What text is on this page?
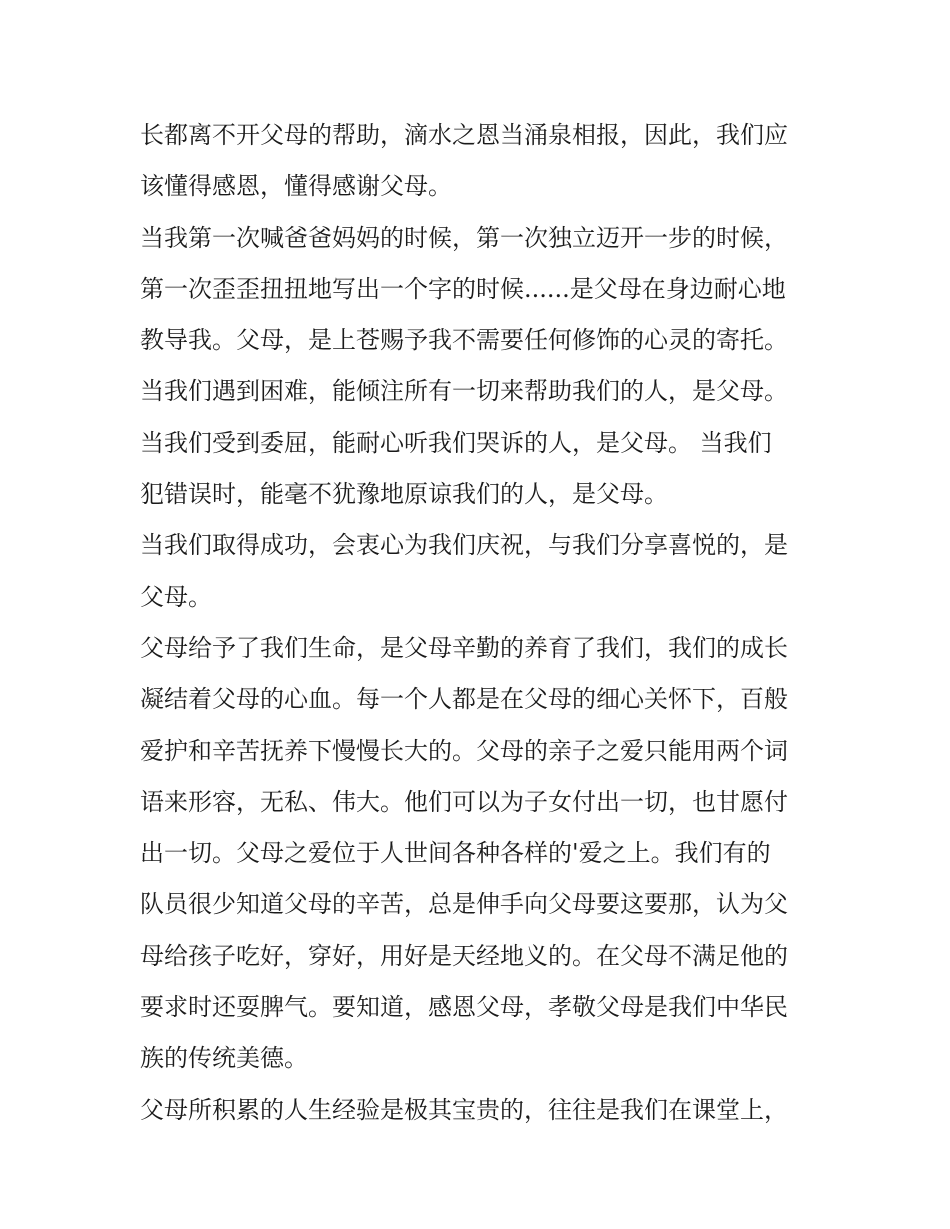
长都离不开父母的帮助，滴水之恩当涌泉相报，因此，我们应
该懂得感恩，懂得感谢父母。
当我第一次喊爸爸妈妈的时候，第一次独立迈开一步的时候，
第一次歪歪扭扭地写出一个字的时候......是父母在身边耐心地
教导我。父母，是上苍赐予我不需要任何修饰的心灵的寄托。
当我们遇到困难，能倾注所有一切来帮助我们的人，是父母。
当我们受到委屈，能耐心听我们哭诉的人，是父母。 当我们
犯错误时，能毫不犹豫地原谅我们的人，是父母。
当我们取得成功，会衷心为我们庆祝，与我们分享喜悦的，是
父母。
父母给予了我们生命，是父母辛勤的养育了我们，我们的成长
凝结着父母的心血。每一个人都是在父母的细心关怀下，百般
爱护和辛苦抚养下慢慢长大的。父母的亲子之爱只能用两个词
语来形容，无私、伟大。他们可以为子女付出一切，也甘愿付
出一切。父母之爱位于人世间各种各样的'爱之上。我们有的
队员很少知道父母的辛苦，总是伸手向父母要这要那，认为父
母给孩子吃好，穿好，用好是天经地义的。在父母不满足他的
要求时还耍脾气。要知道，感恩父母，孝敬父母是我们中华民
族的传统美德。
父母所积累的人生经验是极其宝贵的，往往是我们在课堂上，
